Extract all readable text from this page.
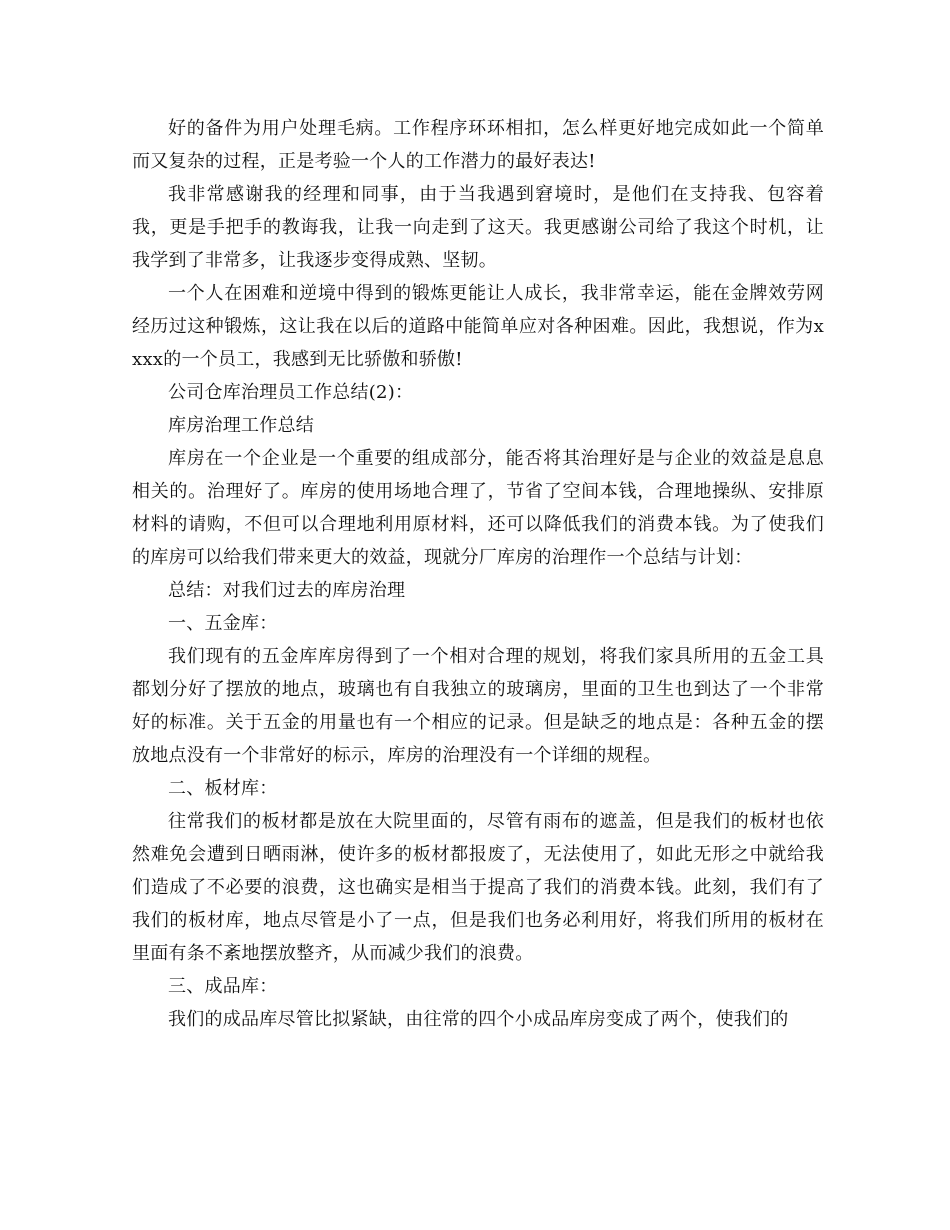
好的备件为用户处理毛病。工作程序环环相扣，怎么样更好地完成如此一个简单而又复杂的过程，正是考验一个人的工作潜力的最好表达!

我非常感谢我的经理和同事，由于当我遇到窘境时，是他们在支持我、包容着我，更是手把手的教诲我，让我一向走到了这天。我更感谢公司给了我这个时机，让我学到了非常多，让我逐步变得成熟、坚韧。

一个人在困难和逆境中得到的锻炼更能让人成长，我非常幸运，能在金牌效劳网经历过这种锻炼，这让我在以后的道路中能简单应对各种困难。因此，我想说，作为xxxx的一个员工，我感到无比骄傲和骄傲!

公司仓库治理员工作总结(2)：

库房治理工作总结

库房在一个企业是一个重要的组成部分，能否将其治理好是与企业的效益是息息相关的。治理好了。库房的使用场地合理了，节省了空间本钱，合理地操纵、安排原材料的请购，不但可以合理地利用原材料，还可以降低我们的消费本钱。为了使我们的库房可以给我们带来更大的效益，现就分厂库房的治理作一个总结与计划：

总结：对我们过去的库房治理

一、五金库：

我们现有的五金库库房得到了一个相对合理的规划，将我们家具所用的五金工具都划分好了摆放的地点，玻璃也有自我独立的玻璃房，里面的卫生也到达了一个非常好的标准。关于五金的用量也有一个相应的记录。但是缺乏的地点是：各种五金的摆放地点没有一个非常好的标示，库房的治理没有一个详细的规程。

二、板材库：

往常我们的板材都是放在大院里面的，尽管有雨布的遮盖，但是我们的板材也依然难免会遭到日晒雨淋，使许多的板材都报废了，无法使用了，如此无形之中就给我们造成了不必要的浪费，这也确实是相当于提高了我们的消费本钱。此刻，我们有了我们的板材库，地点尽管是小了一点，但是我们也务必利用好，将我们所用的板材在里面有条不紊地摆放整齐，从而减少我们的浪费。

三、成品库：

我们的成品库尽管比拟紧缺，由往常的四个小成品库房变成了两个，使我们的
